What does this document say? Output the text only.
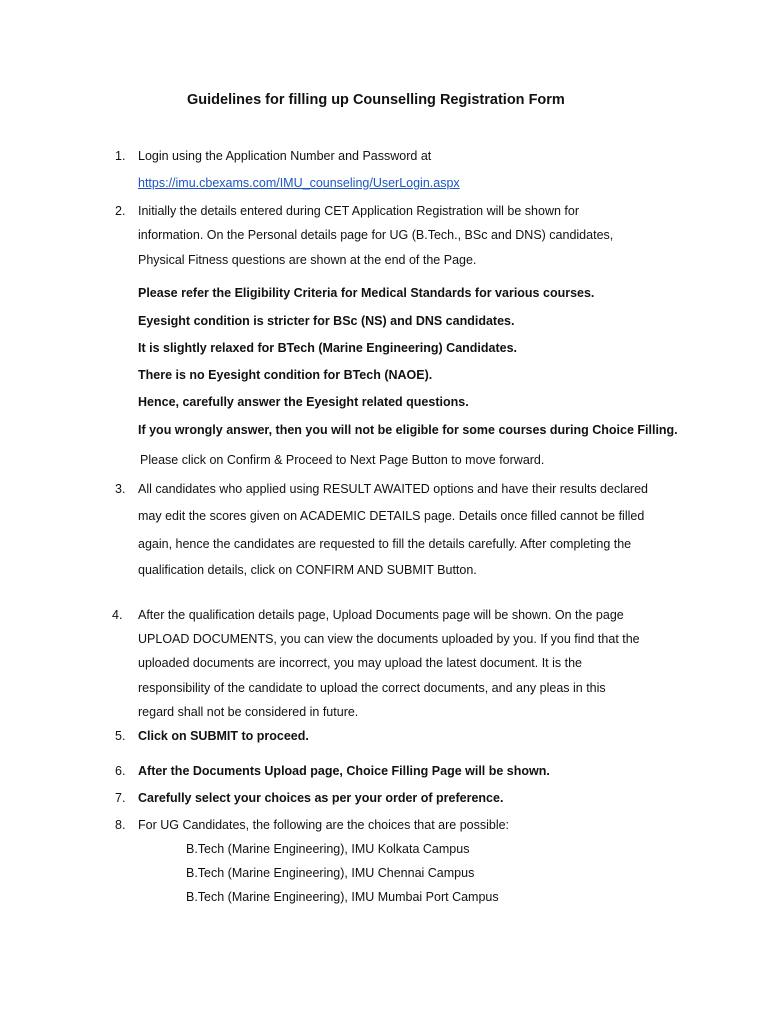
Guidelines for filling up Counselling Registration Form
1. Login using the Application Number and Password at
https://imu.cbexams.com/IMU_counseling/UserLogin.aspx
2. Initially the details entered during CET Application Registration will be shown for
information. On the Personal details page for UG (B.Tech., BSc and DNS) candidates,
Physical Fitness questions are shown at the end of the Page.
Please refer the Eligibility Criteria for Medical Standards for various courses.
Eyesight condition is stricter for BSc (NS) and DNS candidates.
It is slightly relaxed for BTech (Marine Engineering) Candidates.
There is no Eyesight condition for BTech (NAOE).
Hence, carefully answer the Eyesight related questions.
If you wrongly answer, then you will not be eligible for some courses during Choice Filling.
Please click on Confirm & Proceed to Next Page Button to move forward.
3. All candidates who applied using RESULT AWAITED options and have their results declared
may edit the scores given on ACADEMIC DETAILS page. Details once filled cannot be filled
again, hence the candidates are requested to fill the details carefully. After completing the
qualification details, click on CONFIRM AND SUBMIT Button.
4. After the qualification details page, Upload Documents page will be shown. On the page
UPLOAD DOCUMENTS, you can view the documents uploaded by you. If you find that the
uploaded documents are incorrect, you may upload the latest document. It is the
responsibility of the candidate to upload the correct documents, and any pleas in this
regard shall not be considered in future.
5. Click on SUBMIT to proceed.
6. After the Documents Upload page, Choice Filling Page will be shown.
7. Carefully select your choices as per your order of preference.
8. For UG Candidates, the following are the choices that are possible:
B.Tech (Marine Engineering), IMU Kolkata Campus
B.Tech (Marine Engineering), IMU Chennai Campus
B.Tech (Marine Engineering), IMU Mumbai Port Campus
